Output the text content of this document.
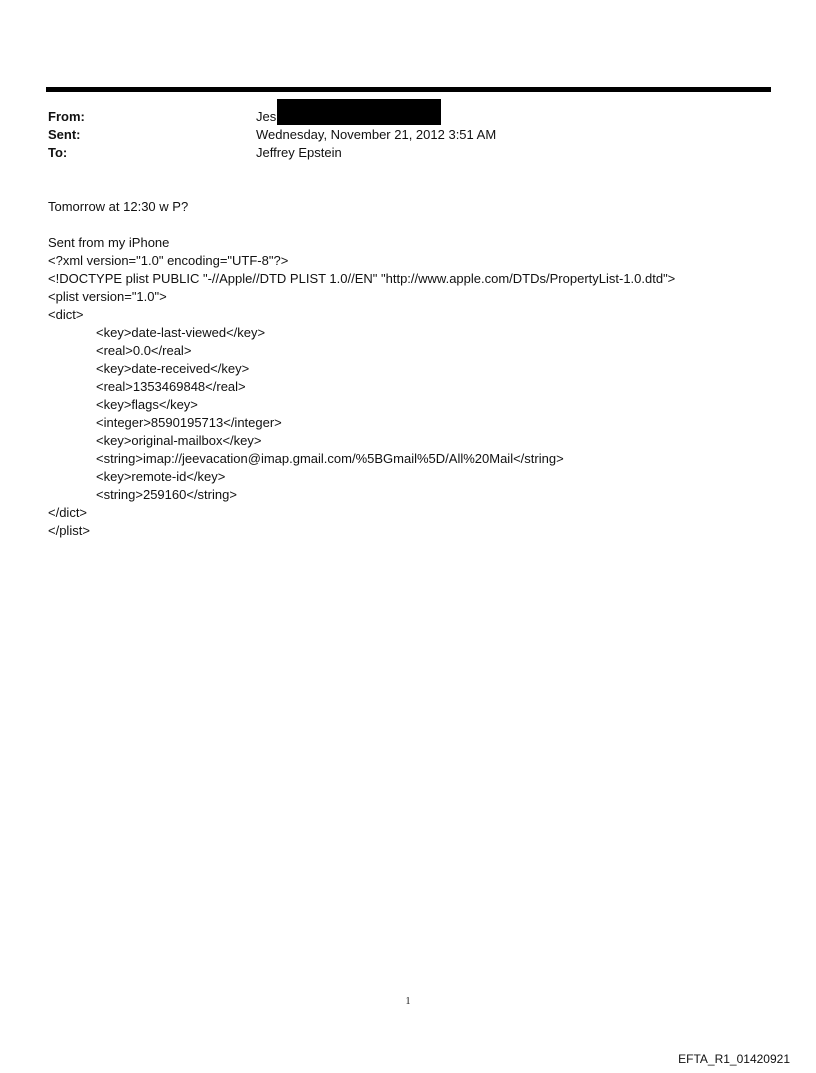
From:	Jes
Sent:	Wednesday, November 21, 2012 3:51 AM
To:	Jeffrey Epstein
Tomorrow at 12:30 w P?
Sent from my iPhone
<?xml version="1.0" encoding="UTF-8"?>
<!DOCTYPE plist PUBLIC "-//Apple//DTD PLIST 1.0//EN" "http://www.apple.com/DTDs/PropertyList-1.0.dtd">
<plist version="1.0">
<dict>
<key>date-last-viewed</key>
<real>0.0</real>
<key>date-received</key>
<real>1353469848</real>
<key>flags</key>
<integer>8590195713</integer>
<key>original-mailbox</key>
<string>imap://jeevacation@imap.gmail.com/%5BGmail%5D/All%20Mail</string>
<key>remote-id</key>
<string>259160</string>
</dict>
</plist>
1
EFTA_R1_01420921
